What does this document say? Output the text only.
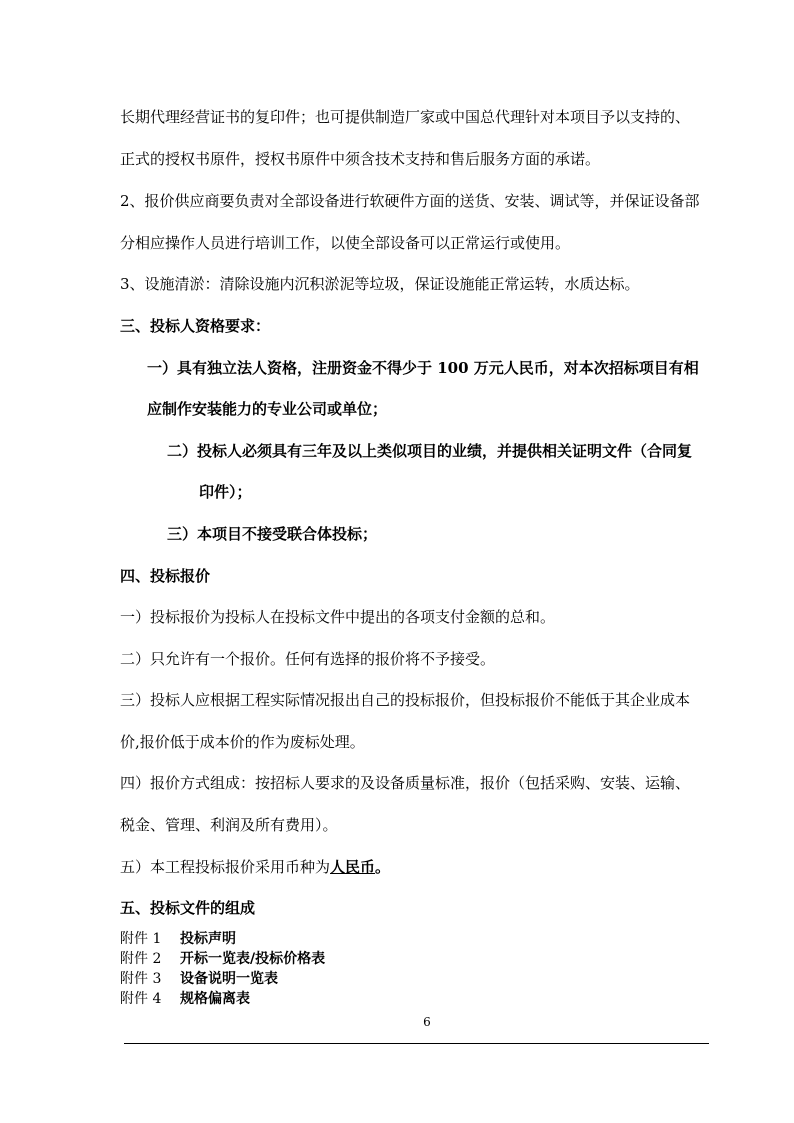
长期代理经营证书的复印件；也可提供制造厂家或中国总代理针对本项目予以支持的、
正式的授权书原件，授权书原件中须含技术支持和售后服务方面的承诺。
2、报价供应商要负责对全部设备进行软硬件方面的送货、安装、调试等，并保证设备部
分相应操作人员进行培训工作，以使全部设备可以正常运行或使用。
3、设施清淤：清除设施内沉积淤泥等垃圾，保证设施能正常运转，水质达标。
三、投标人资格要求：
一）具有独立法人资格，注册资金不得少于 100 万元人民币，对本次招标项目有相
应制作安装能力的专业公司或单位；
二）投标人必须具有三年及以上类似项目的业绩，并提供相关证明文件（合同复
印件）；
三）本项目不接受联合体投标；
四、投标报价
一）投标报价为投标人在投标文件中提出的各项支付金额的总和。
二）只允许有一个报价。任何有选择的报价将不予接受。
三）投标人应根据工程实际情况报出自己的投标报价，但投标报价不能低于其企业成本
价,报价低于成本价的作为废标处理。
四）报价方式组成：按招标人要求的及设备质量标准，报价（包括采购、安装、运输、
税金、管理、利润及所有费用）。
五）本工程投标报价采用币种为人民币。
五、投标文件的组成
附件 1 投标声明
附件 2 开标一览表/投标价格表
附件 3 设备说明一览表
附件 4 规格偏离表
6
